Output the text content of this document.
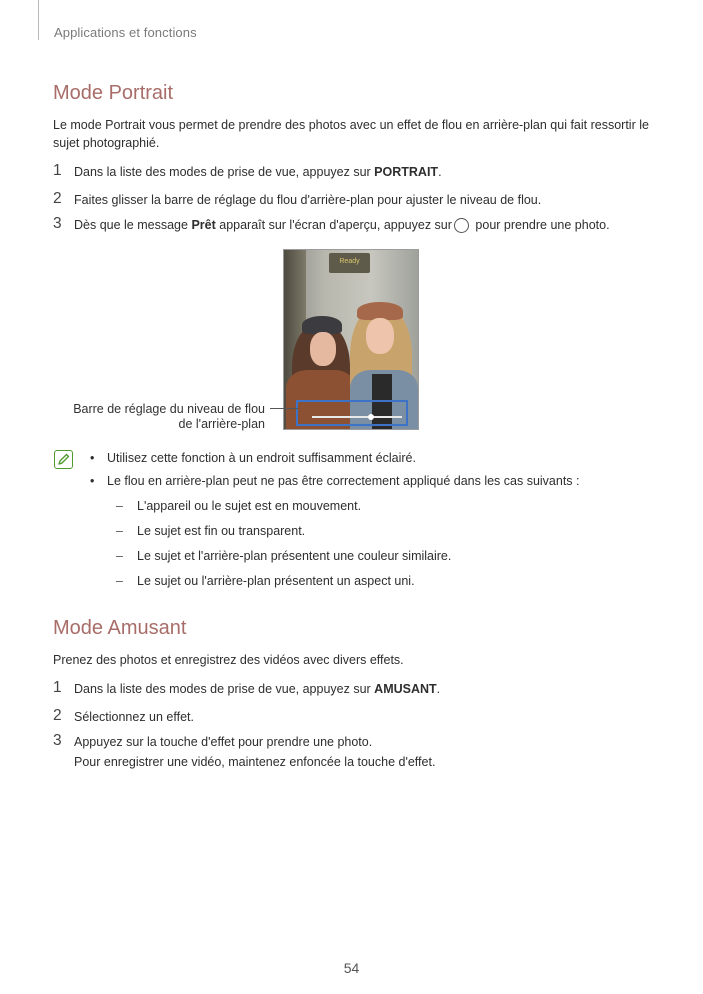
Applications et fonctions
Mode Portrait
Le mode Portrait vous permet de prendre des photos avec un effet de flou en arrière-plan qui fait ressortir le sujet photographié.
1 Dans la liste des modes de prise de vue, appuyez sur PORTRAIT.
2 Faites glisser la barre de réglage du flou d'arrière-plan pour ajuster le niveau de flou.
3 Dès que le message Prêt apparaît sur l'écran d'aperçu, appuyez sur pour prendre une photo.
Ready
Barre de réglage du niveau de flou
de l'arrière-plan
• Utilisez cette fonction à un endroit suffisamment éclairé.
• Le flou en arrière-plan peut ne pas être correctement appliqué dans les cas suivants :
– L'appareil ou le sujet est en mouvement.
– Le sujet est fin ou transparent.
– Le sujet et l'arrière-plan présentent une couleur similaire.
– Le sujet ou l'arrière-plan présentent un aspect uni.
Mode Amusant
Prenez des photos et enregistrez des vidéos avec divers effets.
1 Dans la liste des modes de prise de vue, appuyez sur AMUSANT.
2 Sélectionnez un effet.
3 Appuyez sur la touche d'effet pour prendre une photo.
Pour enregistrer une vidéo, maintenez enfoncée la touche d'effet.
54
